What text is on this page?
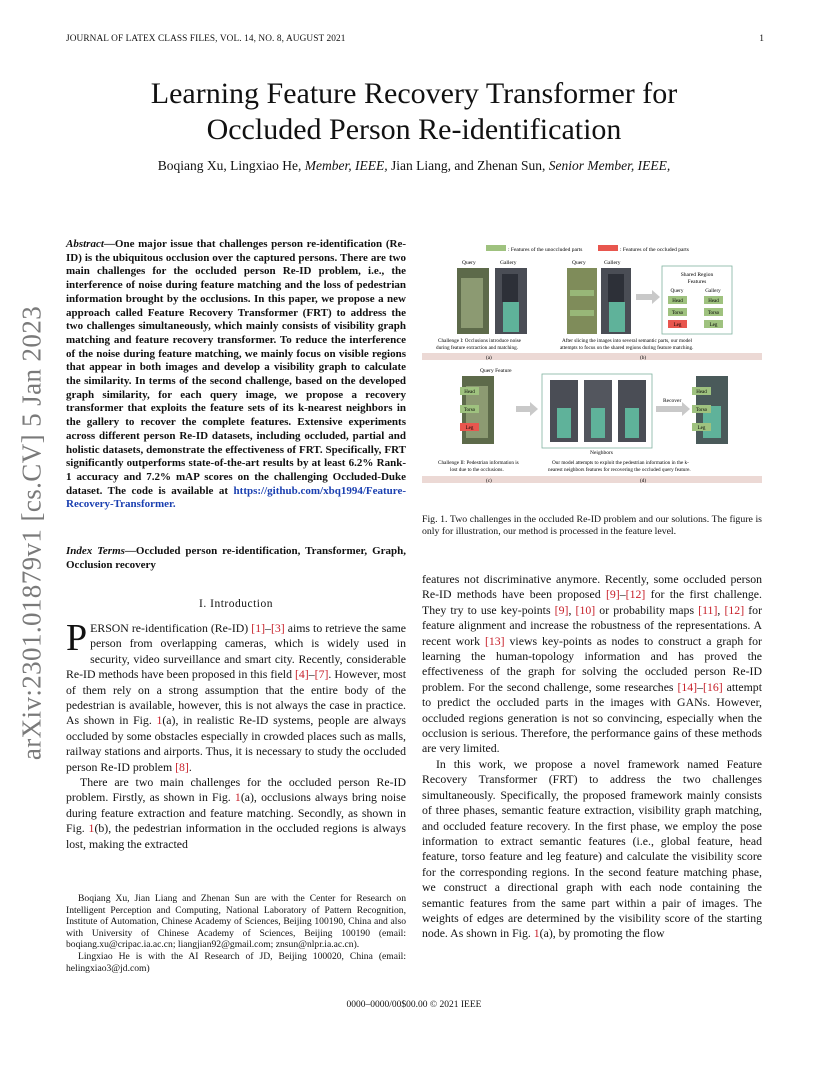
JOURNAL OF LATEX CLASS FILES, VOL. 14, NO. 8, AUGUST 2021	1
Learning Feature Recovery Transformer for
Occluded Person Re-identification
Boqiang Xu, Lingxiao He, Member, IEEE, Jian Liang, and Zhenan Sun, Senior Member, IEEE,
arXiv:2301.01879v1 [cs.CV] 5 Jan 2023
Abstract—One major issue that challenges person re-identification (Re-ID) is the ubiquitous occlusion over the captured persons. There are two main challenges for the occluded person Re-ID problem, i.e., the interference of noise during feature matching and the loss of pedestrian information brought by the occlusions. In this paper, we propose a new approach called Feature Recovery Transformer (FRT) to address the two challenges simultaneously, which mainly consists of visibility graph matching and feature recovery transformer. To reduce the interference of the noise during feature matching, we mainly focus on visible regions that appear in both images and develop a visibility graph to calculate the similarity. In terms of the second challenge, based on the developed graph similarity, for each query image, we propose a recovery transformer that exploits the feature sets of its k-nearest neighbors in the gallery to recover the complete features. Extensive experiments across different person Re-ID datasets, including occluded, partial and holistic datasets, demonstrate the effectiveness of FRT. Specifically, FRT significantly outperforms state-of-the-art results by at least 6.2% Rank-1 accuracy and 7.2% mAP scores on the challenging Occluded-Duke dataset. The code is available at https://github.com/xbq1994/Feature-Recovery-Transformer.
Index Terms—Occluded person re-identification, Transformer, Graph, Occlusion recovery
I. Introduction

PERSON re-identification (Re-ID) [1]–[3] aims to retrieve the same person from overlapping cameras, which is widely used in security, video surveillance and smart city. Recently, considerable Re-ID methods have been proposed in this field [4]–[7]. However, most of them rely on a strong assumption that the entire body of the pedestrian is available, however, this is not always the case in practice. As shown in Fig. 1(a), in realistic Re-ID systems, people are always occluded by some obstacles especially in crowded places such as malls, railway stations and airports. Thus, it is necessary to study the occluded person Re-ID problem [8].

There are two main challenges for the occluded person Re-ID problem. Firstly, as shown in Fig. 1(a), occlusions always bring noise during feature extraction and feature matching. Secondly, as shown in Fig. 1(b), the pedestrian information in the occluded regions is always lost, making the extracted

Boqiang Xu, Jian Liang and Zhenan Sun are with the Center for Research on Intelligent Perception and Computing, National Laboratory of Pattern Recognition, Institute of Automation, Chinese Academy of Sciences, Beijing 100190, China and also with University of Chinese Academy of Sciences, Beijing 100190 (email: boqiang.xu@cripac.ia.ac.cn; liangjian92@gmail.com; znsun@nlpr.ia.ac.cn).

Lingxiao He is with the AI Research of JD, Beijing 100020, China (email: helingxiao3@jd.com)

: Features of the unoccluded parts	: Features of the occluded parts
Query	Gallery
Challenge I: Occlusions introduce noise
during feature extraction and matching.
(a)
Query	Gallery
Shared Region
Features
Query	Gallery
Head	Head
Torso	Torso
Leg	Leg
After slicing the images into several semantic parts, our model
attempts to focus on the shared regions during feature matching.
(b)
Query Feature
Head
Torso
Leg
Neighbors
Recover
Head
Torso
Leg
Challenge II: Pedestrian information is
lost due to the occlusions.
Our model attempts to exploit the pedestrian information in the k-
nearest neighbors features for recovering the occluded query feature.
(c)	(d)
Fig. 1. Two challenges in the occluded Re-ID problem and our solutions. The figure is only for illustration, our method is processed in the feature level.

features not discriminative anymore. Recently, some occluded person Re-ID methods have been proposed [9]–[12] for the first challenge. They try to use key-points [9], [10] or probability maps [11], [12] for feature alignment and increase the robustness of the representations. A recent work [13] views key-points as nodes to construct a graph for learning the human-topology information and has proved the effectiveness of the graph for solving the occluded person Re-ID problem. For the second challenge, some researches [14]–[16] attempt to predict the occluded parts in the images with GANs. However, occluded regions generation is not so convincing, especially when the occlusion is serious. Therefore, the performance gains of these methods are very limited.

In this work, we propose a novel framework named Feature Recovery Transformer (FRT) to address the two challenges simultaneously. Specifically, the proposed framework mainly consists of three phases, semantic feature extraction, visibility graph matching, and occluded feature recovery. In the first phase, we employ the pose information to extract semantic features (i.e., global feature, head feature, torso feature and leg feature) and calculate the visibility score for the corresponding regions. In the second feature matching phase, we construct a directional graph with each node containing the semantic features from the same part within a pair of images. The weights of edges are determined by the visibility score of the starting node. As shown in Fig. 1(a), by promoting the flow

0000–0000/00$00.00 © 2021 IEEE
